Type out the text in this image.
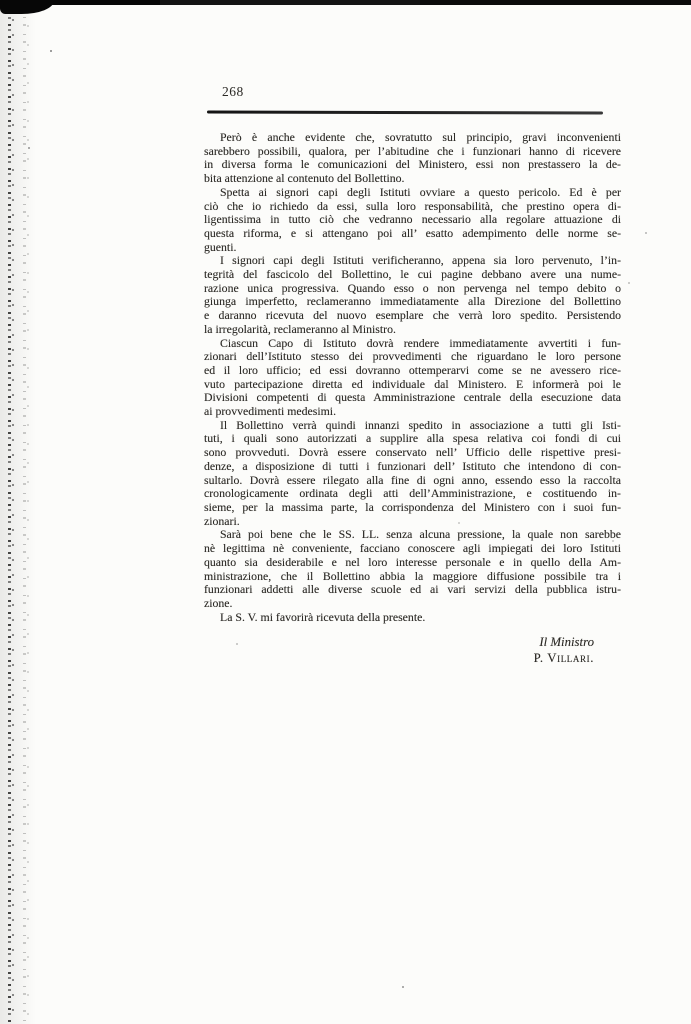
268
Però è anche evidente che, sovratutto sul principio, gravi inconvenienti
sarebbero possibili, qualora, per l’abitudine che i funzionari hanno di ricevere
in diversa forma le comunicazioni del Ministero, essi non prestassero la de-
bita attenzione al contenuto del Bollettino.
Spetta ai signori capi degli Istituti ovviare a questo pericolo. Ed è per
ciò che io richiedo da essi, sulla loro responsabilità, che prestino opera di-
ligentissima in tutto ciò che vedranno necessario alla regolare attuazione di
questa riforma, e si attengano poi all’ esatto adempimento delle norme se-
guenti.
I signori capi degli Istituti verificheranno, appena sia loro pervenuto, l’in-
tegrità del fascicolo del Bollettino, le cui pagine debbano avere una nume-
razione unica progressiva. Quando esso o non pervenga nel tempo debito o
giunga imperfetto, reclameranno immediatamente alla Direzione del Bollettino
e daranno ricevuta del nuovo esemplare che verrà loro spedito. Persistendo
la irregolarità, reclameranno al Ministro.
Ciascun Capo di Istituto dovrà rendere immediatamente avvertiti i fun-
zionari dell’Istituto stesso dei provvedimenti che riguardano le loro persone
ed il loro ufficio; ed essi dovranno ottemperarvi come se ne avessero rice-
vuto partecipazione diretta ed individuale dal Ministero. E informerà poi le
Divisioni competenti di questa Amministrazione centrale della esecuzione data
ai provvedimenti medesimi.
Il Bollettino verrà quindi innanzi spedito in associazione a tutti gli Isti-
tuti, i quali sono autorizzati a supplire alla spesa relativa coi fondi di cui
sono provveduti. Dovrà essere conservato nell’ Ufficio delle rispettive presi-
denze, a disposizione di tutti i funzionari dell’ Istituto che intendono di con-
sultarlo. Dovrà essere rilegato alla fine di ogni anno, essendo esso la raccolta
cronologicamente ordinata degli atti dell’Amministrazione, e costituendo in-
sieme, per la massima parte, la corrispondenza del Ministero con i suoi fun-
zionari.
Sarà poi bene che le SS. LL. senza alcuna pressione, la quale non sarebbe
nè legittima nè conveniente, facciano conoscere agli impiegati dei loro Istituti
quanto sia desiderabile e nel loro interesse personale e in quello della Am-
ministrazione, che il Bollettino abbia la maggiore diffusione possibile tra i
funzionari addetti alle diverse scuole ed ai vari servizi della pubblica istru-
zione.
La S. V. mi favorirà ricevuta della presente.
Il Ministro
P. Villari.
